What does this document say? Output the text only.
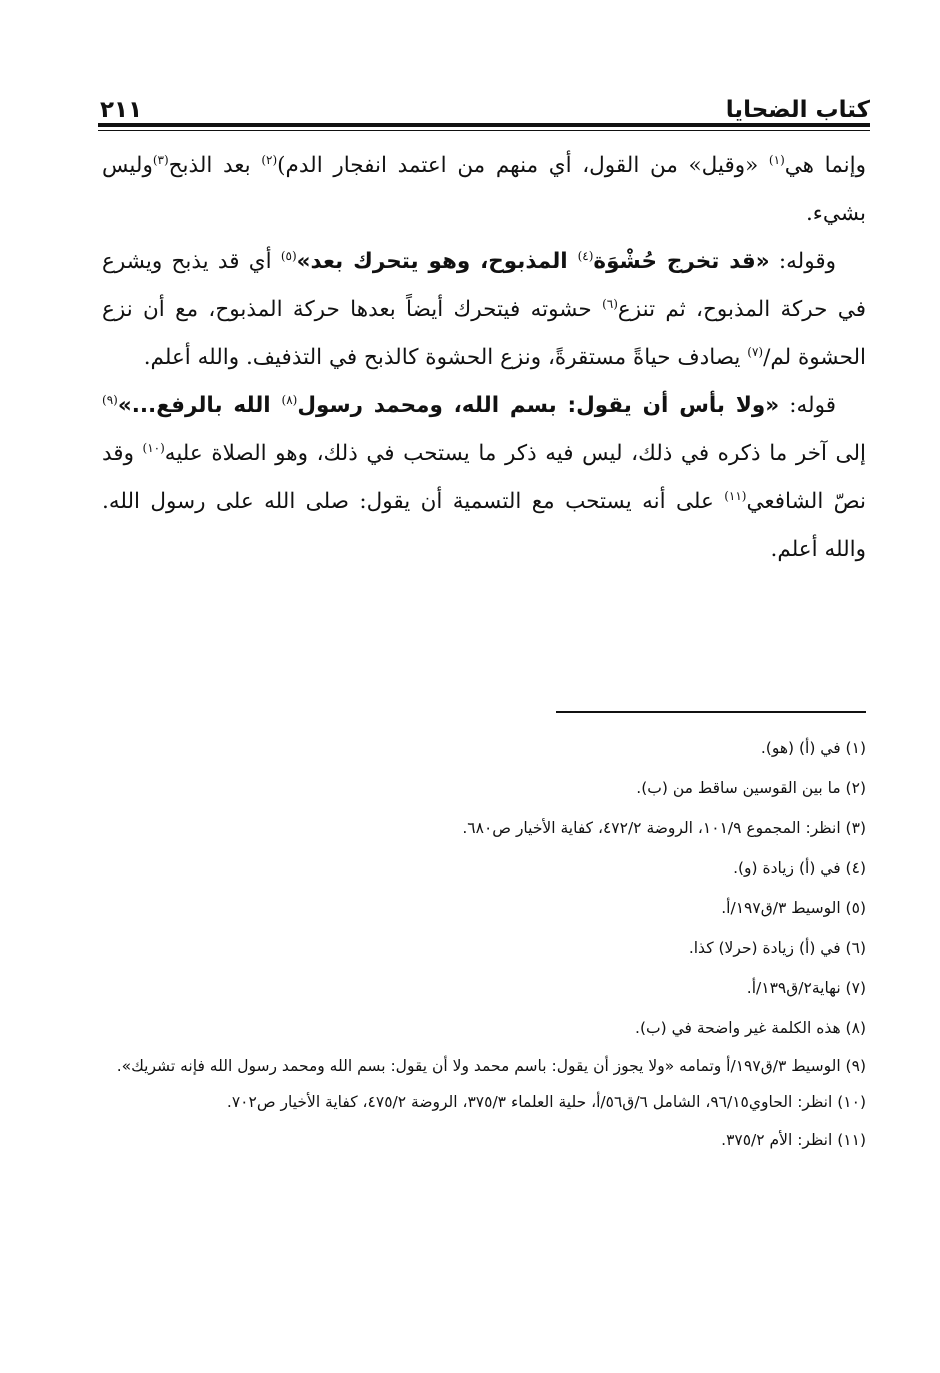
كتاب الضحايا
٢١١

وإنما هي$^{(١)}$ «وقيل» من القول، أي منهم من اعتمد انفجار الدم)$^{(٢)}$ بعد الذبح$^{(٣)}$وليس بشيء.

وقوله: «قد تخرج حُشْوَة$^{(٤)}$ المذبوح، وهو يتحرك بعد»$^{(٥)}$ أي قد يذبح ويشرع في حركة المذبوح، ثم تنزع$^{(٦)}$ حشوته فيتحرك أيضاً بعدها حركة المذبوح، مع أن نزع الحشوة لم/$^{(٧)}$ يصادف حياةً مستقرةً، ونزع الحشوة كالذبح في التذفيف. والله أعلم.

قوله: «ولا بأس أن يقول: بسم الله، ومحمد رسول$^{(٨)}$ الله بالرفع...»$^{(٩)}$ إلى آخر ما ذكره في ذلك، ليس فيه ذكر ما يستحب في ذلك، وهو الصلاة عليه$^{(١٠)}$ وقد نصّ الشافعي$^{(١١)}$ على أنه يستحب مع التسمية أن يقول: صلى الله على رسول الله. والله أعلم.

(١) في (أ) (هو).

(٢) ما بين القوسين ساقط من (ب).

(٣) انظر: المجموع ١٠١/٩، الروضة ٤٧٢/٢، كفاية الأخيار ص٦٨٠.

(٤) في (أ) زيادة (و).

(٥) الوسيط ٣/ق١٩٧/أ.

(٦) في (أ) زيادة (حرلا) كذا.

(٧) نهاية٢/ق١٣٩/أ.

(٨) هذه الكلمة غير واضحة في (ب).

(٩) الوسيط ٣/ق١٩٧/أ وتمامه «ولا يجوز أن يقول: باسم محمد ولا أن يقول: بسم الله ومحمد رسول الله فإنه تشريك».

(١٠) انظر: الحاوي٩٦/١٥، الشامل ٦/ق٥٦/أ، حلية العلماء ٣٧٥/٣، الروضة ٤٧٥/٢، كفاية الأخيار ص٧٠٢.

(١١) انظر: الأم ٣٧٥/٢.
